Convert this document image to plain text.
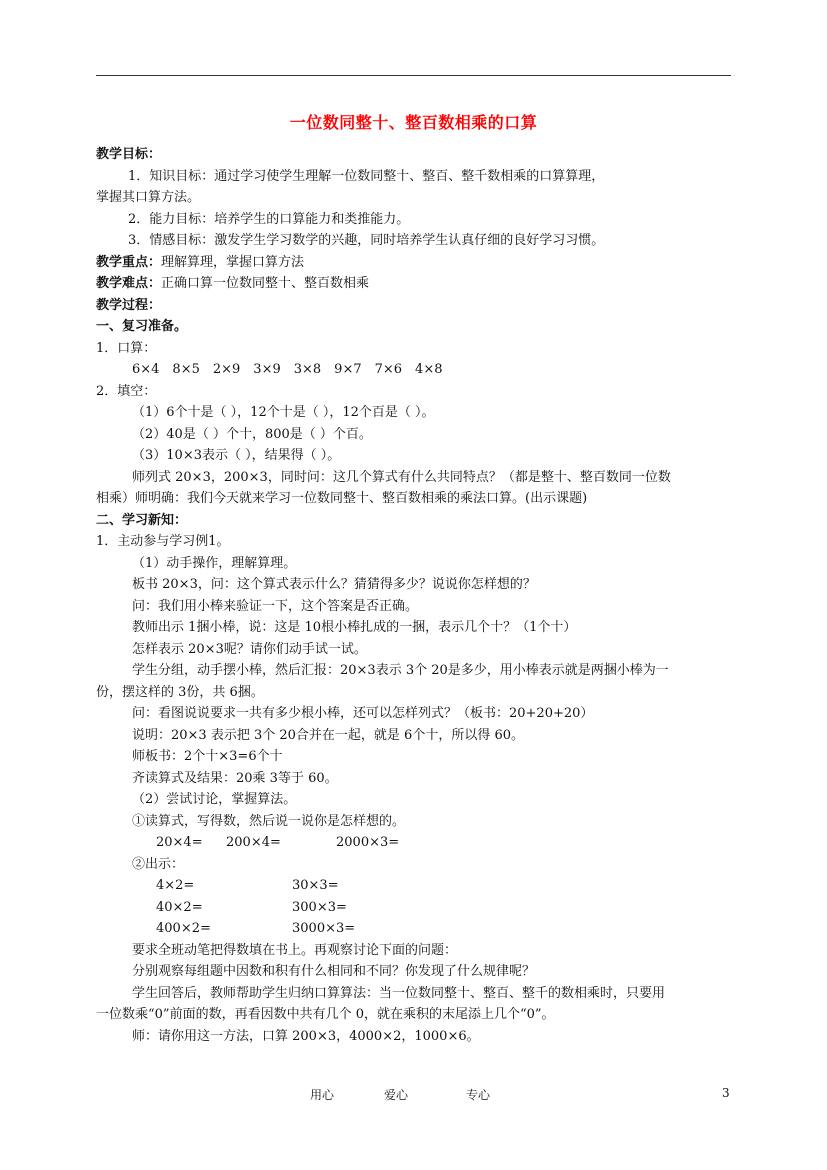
一位数同整十、整百数相乘的口算
教学目标：
1．知识目标：通过学习使学生理解一位数同整十、整百、整千数相乘的口算算理，
掌握其口算方法。
2．能力目标：培养学生的口算能力和类推能力。
3．情感目标：激发学生学习数学的兴趣，同时培养学生认真仔细的良好学习习惯。
教学重点：理解算理，掌握口算方法
教学难点：正确口算一位数同整十、整百数相乘
教学过程：
一、复习准备。
1．口算：
6×4　8×5　2×9　3×9　3×8　9×7　7×6　4×8
2．填空：
（1）6个十是（ ），12个十是（ ），12个百是（ ）。
（2）40是（ ）个十，800是（ ）个百。
（3）10×3表示（ ），结果得（ ）。
师列式 20×3，200×3，同时问：这几个算式有什么共同特点？（都是整十、整百数同一位数
相乘）师明确：我们今天就来学习一位数同整十、整百数相乘的乘法口算。(出示课题)
二、学习新知：
1．主动参与学习例1。
（1）动手操作，理解算理。
板书 20×3，问：这个算式表示什么？猜猜得多少？说说你怎样想的？
问：我们用小棒来验证一下，这个答案是否正确。
教师出示 1捆小棒，说：这是 10根小棒扎成的一捆，表示几个十？（1个十）
怎样表示 20×3呢？请你们动手试一试。
学生分组，动手摆小棒，然后汇报：20×3表示 3个 20是多少，用小棒表示就是两捆小棒为一
份，摆这样的 3份，共 6捆。
问：看图说说要求一共有多少根小棒，还可以怎样列式？（板书：20+20+20）
说明：20×3 表示把 3个 20合并在一起，就是 6个十，所以得 60。
师板书：2个十×3=6个十
齐读算式及结果：20乘 3等于 60。
（2）尝试讨论，掌握算法。
①读算式，写得数，然后说一说你是怎样想的。
20×4=	200×4=	2000×3=
②出示：
4×2=	30×3=
40×2=	300×3=
400×2=	3000×3=
要求全班动笔把得数填在书上。再观察讨论下面的问题：
分别观察每组题中因数和积有什么相同和不同？你发现了什么规律呢？
学生回答后，教师帮助学生归纳口算算法：当一位数同整十、整百、整千的数相乘时，只要用
一位数乘“0”前面的数，再看因数中共有几个 0，就在乘积的末尾添上几个“0”。
师：请你用这一方法，口算 200×3，4000×2，1000×6。
用心	爱心	专心	3
